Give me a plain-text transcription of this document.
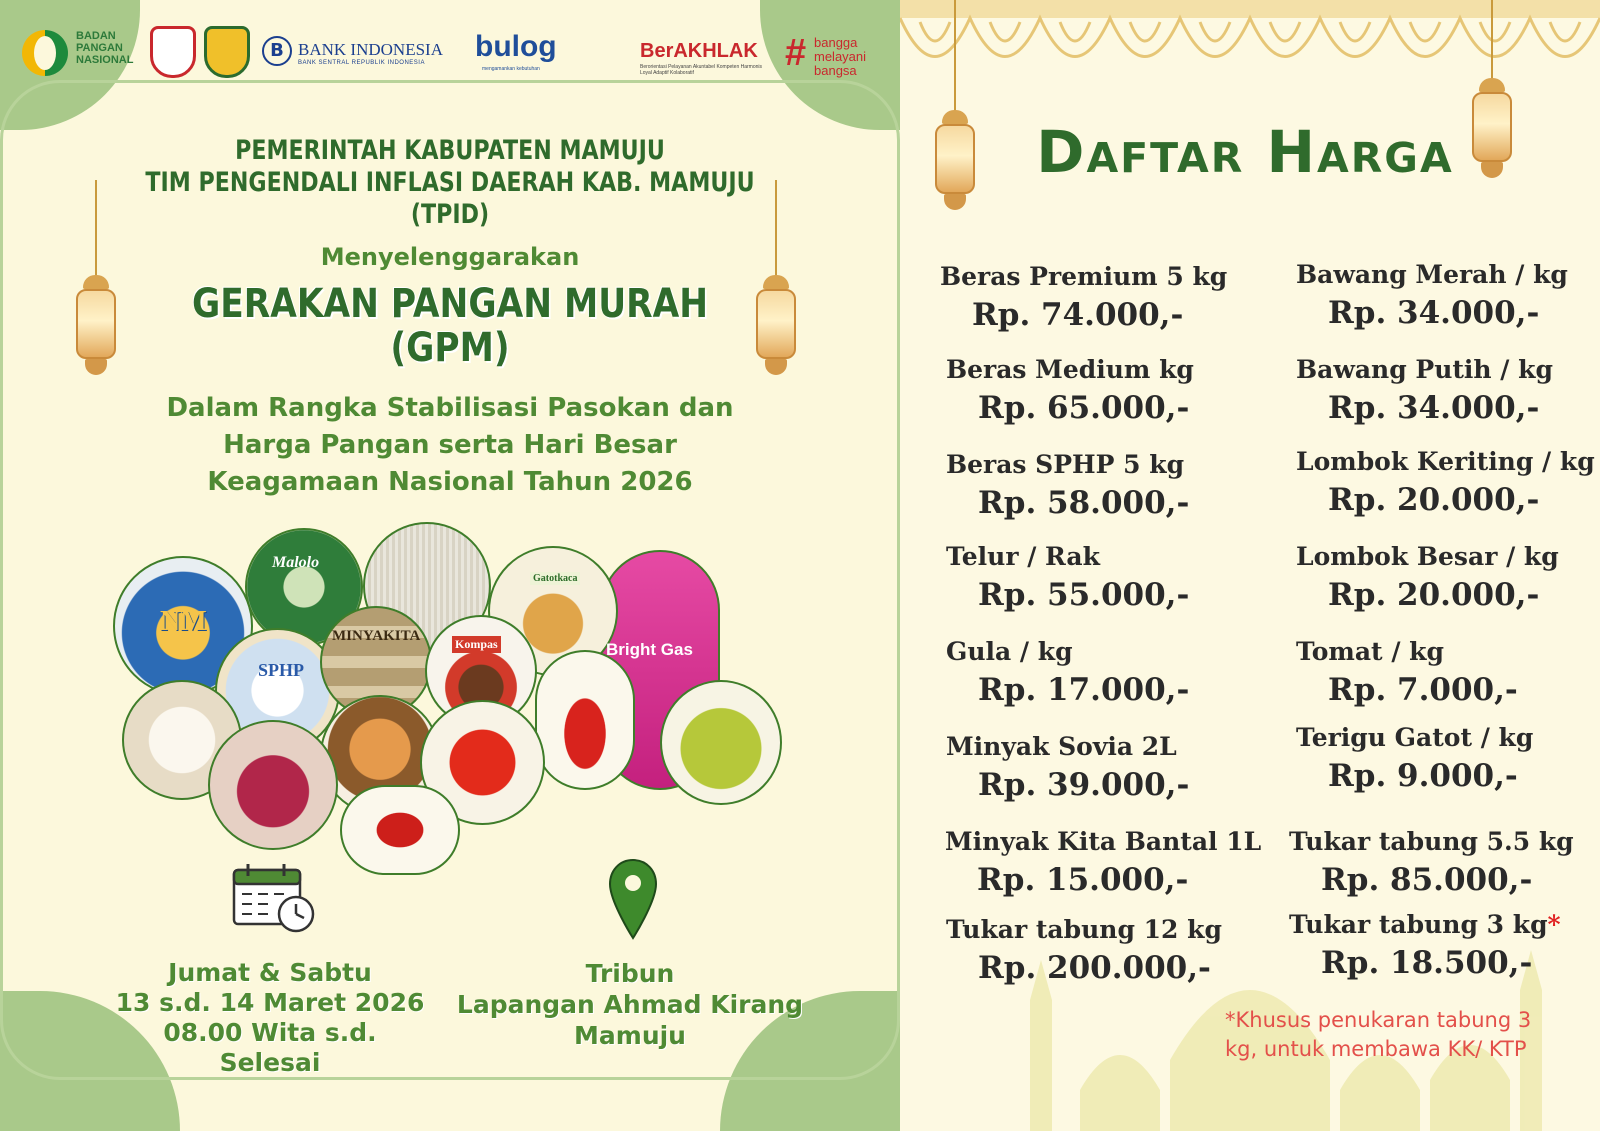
BADAN PANGAN NASIONAL	B BANK INDONESIA
BANK SENTRAL REPUBLIK INDONESIA bulog
mengamankan kebutuhan
BerAKHLAK
Berorientasi Pelayanan Akuntabel Kompeten Harmonis Loyal Adaptif Kolaboratif	# bangga melayani bangsa
PEMERINTAH KABUPATEN MAMUJU
TIM PENGENDALI INFLASI DAERAH KAB. MAMUJU
(TPID)
Menyelenggarakan
GERAKAN PANGAN MURAH
(GPM)
Dalam Rangka Stabilisasi Pasokan dan
Harga Pangan serta Hari Besar
Keagamaan Nasional Tahun 2026
NM
Malolo
MINYAKITA
SPHP
Kompas
Gatotkaca
Bright Gas
Jumat & Sabtu
13 s.d. 14 Maret 2026
08.00 Wita s.d. Selesai
Tribun
Lapangan Ahmad Kirang
Mamuju
Daftar Harga
Beras Premium 5 kg
Rp. 74.000,-
Beras Medium kg
Rp. 65.000,-
Beras SPHP 5 kg
Rp. 58.000,-
Telur / Rak
Rp. 55.000,-
Gula / kg
Rp. 17.000,-
Minyak Sovia 2L
Rp. 39.000,-
Minyak Kita Bantal 1L
Rp. 15.000,-
Tukar tabung 12 kg
Rp. 200.000,-
Bawang Merah / kg
Rp. 34.000,-
Bawang Putih / kg
Rp. 34.000,-
Lombok Keriting / kg
Rp. 20.000,-
Lombok Besar / kg
Rp. 20.000,-
Tomat / kg
Rp. 7.000,-
Terigu Gatot / kg
Rp. 9.000,-
Tukar tabung 5.5 kg
Rp. 85.000,-
Tukar tabung 3 kg*
Rp. 18.500,-
*Khusus penukaran tabung 3 kg, untuk membawa KK/ KTP
